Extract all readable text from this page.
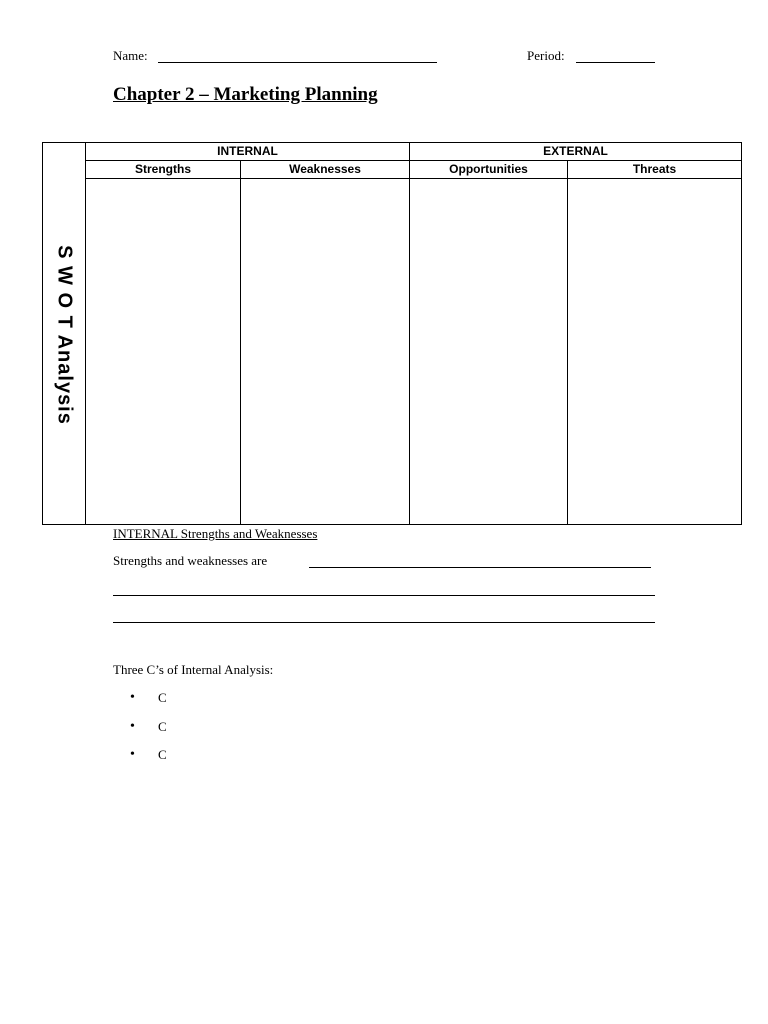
Name:	Period:
Chapter 2 – Marketing Planning
S W O T Analysis
INTERNAL	EXTERNAL
Strengths	Weaknesses	Opportunities	Threats
INTERNAL Strengths and Weaknesses
Strengths and weaknesses are
Three C’s of Internal Analysis:
• C
• C
• C
